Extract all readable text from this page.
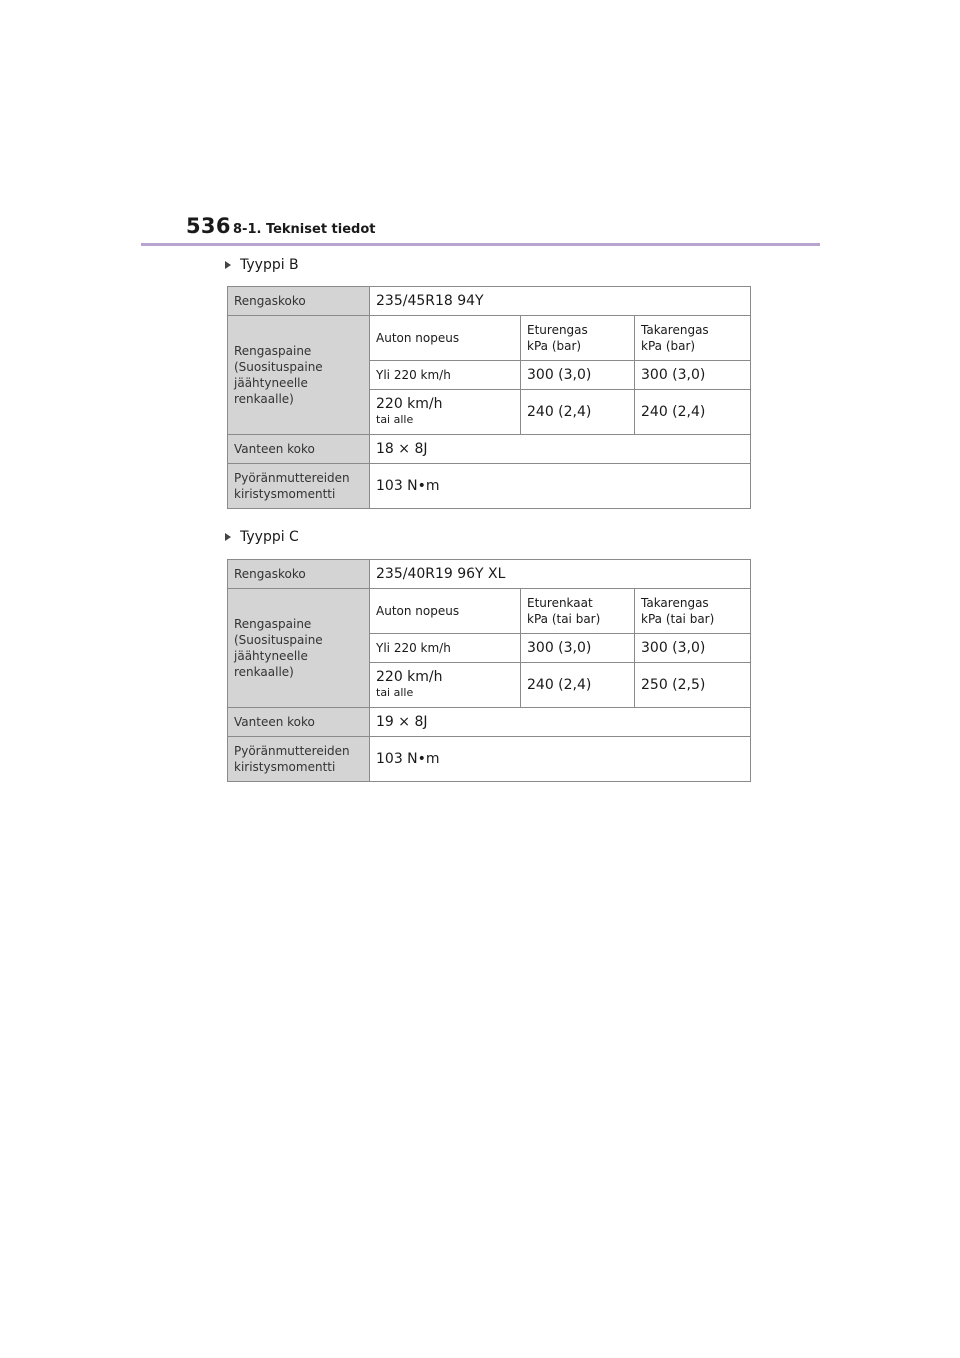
536 8-1. Tekniset tiedot
Tyyppi B
Rengaskoko	235/45R18 94Y		
Rengaspaine
(Suosituspaine
jäähtyneelle
renkaalle)	Auton nopeus	Eturengas
kPa (bar)	Takarengas
kPa (bar)
	Yli 220 km/h	300 (3,0)	300 (3,0)

	220 km/h
tai alle	240 (2,4)	240 (2,4)
Vanteen koko	18 × 8J		
Pyöränmuttereiden
kiristysmomentti	103 N•m		
Tyyppi C
Rengaskoko	235/40R19 96Y XL		
Rengaspaine
(Suosituspaine
jäähtyneelle
renkaalle)	Auton nopeus	Eturenkaat
kPa (tai bar)	Takarengas
kPa (tai bar)
	Yli 220 km/h	300 (3,0)	300 (3,0)

	220 km/h
tai alle	240 (2,4)	250 (2,5)
Vanteen koko	19 × 8J		
Pyöränmuttereiden
kiristysmomentti	103 N•m		
